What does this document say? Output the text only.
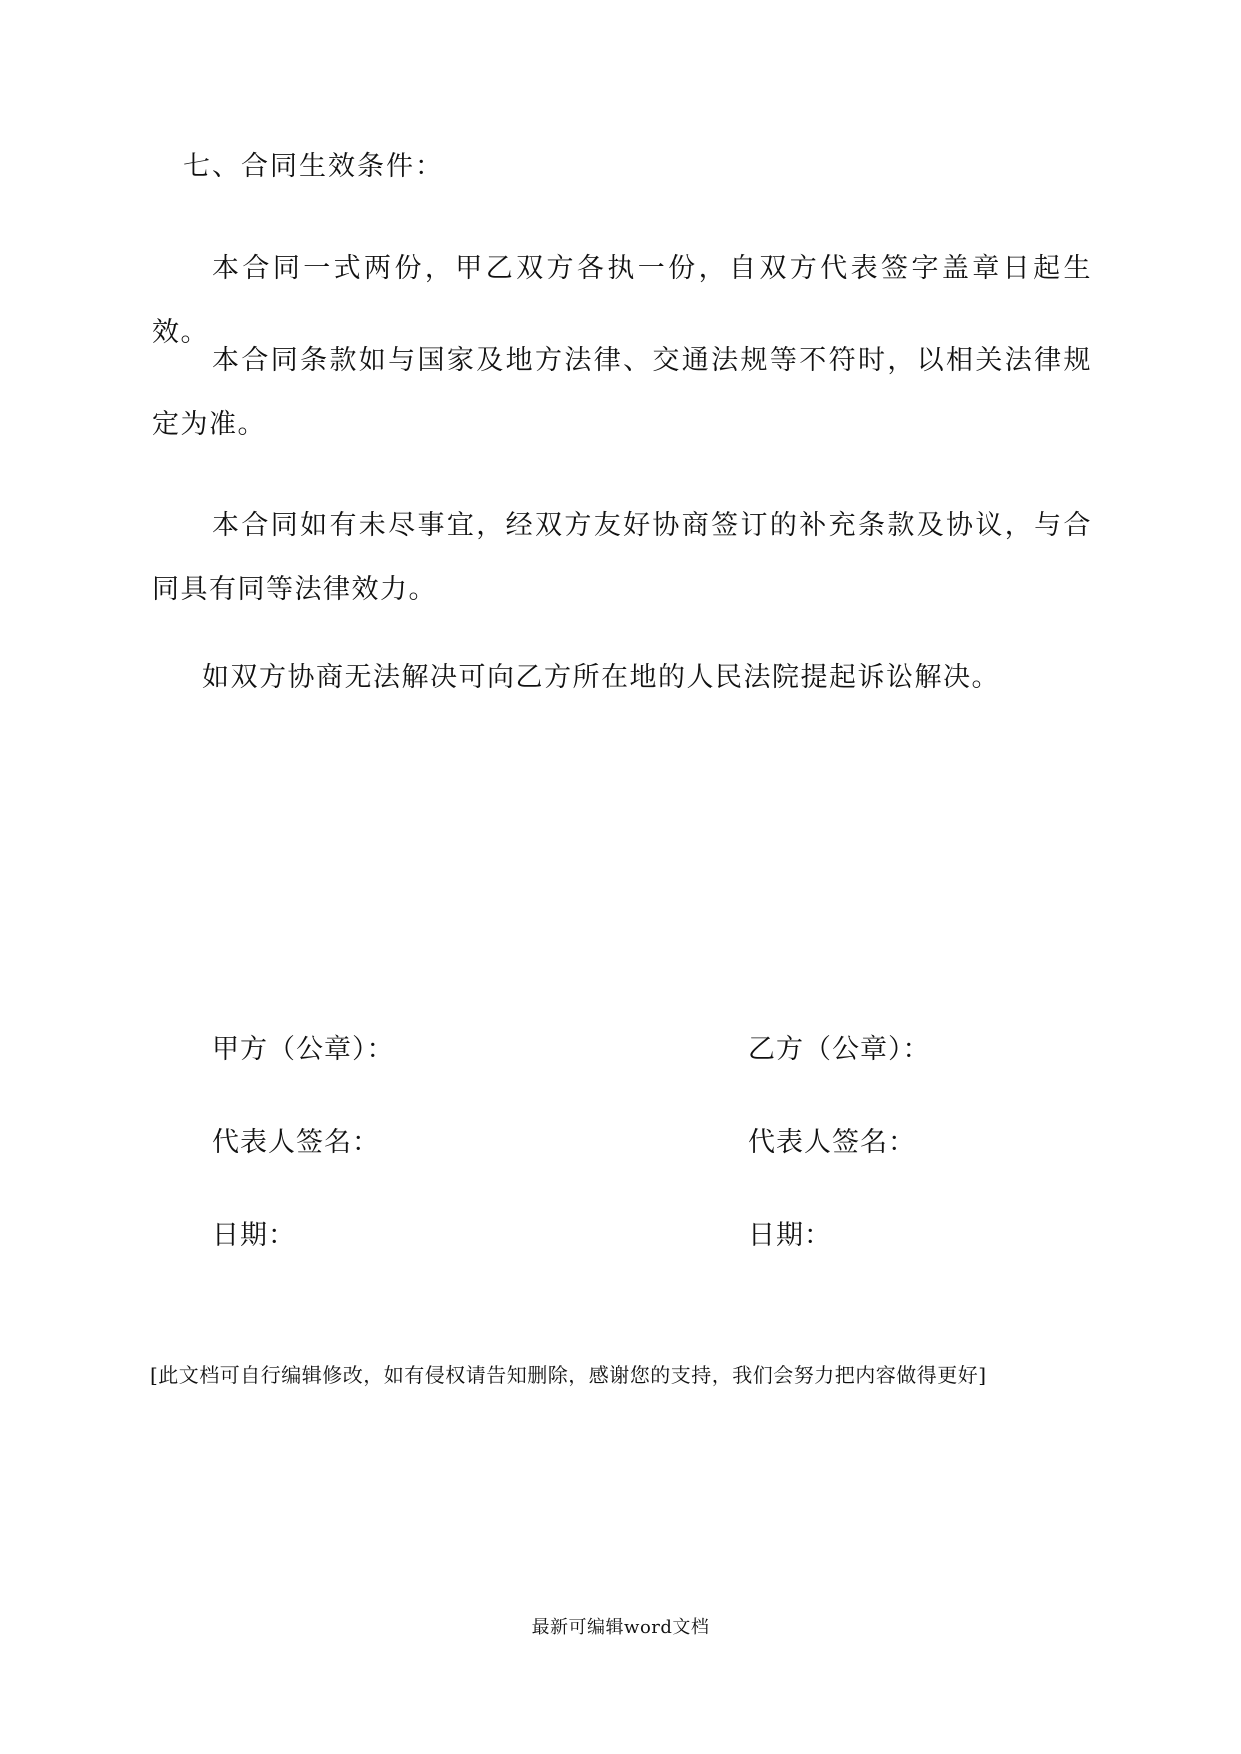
七、合同生效条件：

本合同一式两份，甲乙双方各执一份，自双方代表签字盖章日起生效。

本合同条款如与国家及地方法律、交通法规等不符时，以相关法律规定为准。

本合同如有未尽事宜，经双方友好协商签订的补充条款及协议，与合同具有同等法律效力。

如双方协商无法解决可向乙方所在地的人民法院提起诉讼解决。
甲方（公章）：	乙方（公章）：
代表人签名：	代表人签名：
日期：	日期：
[此文档可自行编辑修改，如有侵权请告知删除，感谢您的支持，我们会努力把内容做得更好]
最新可编辑word文档
